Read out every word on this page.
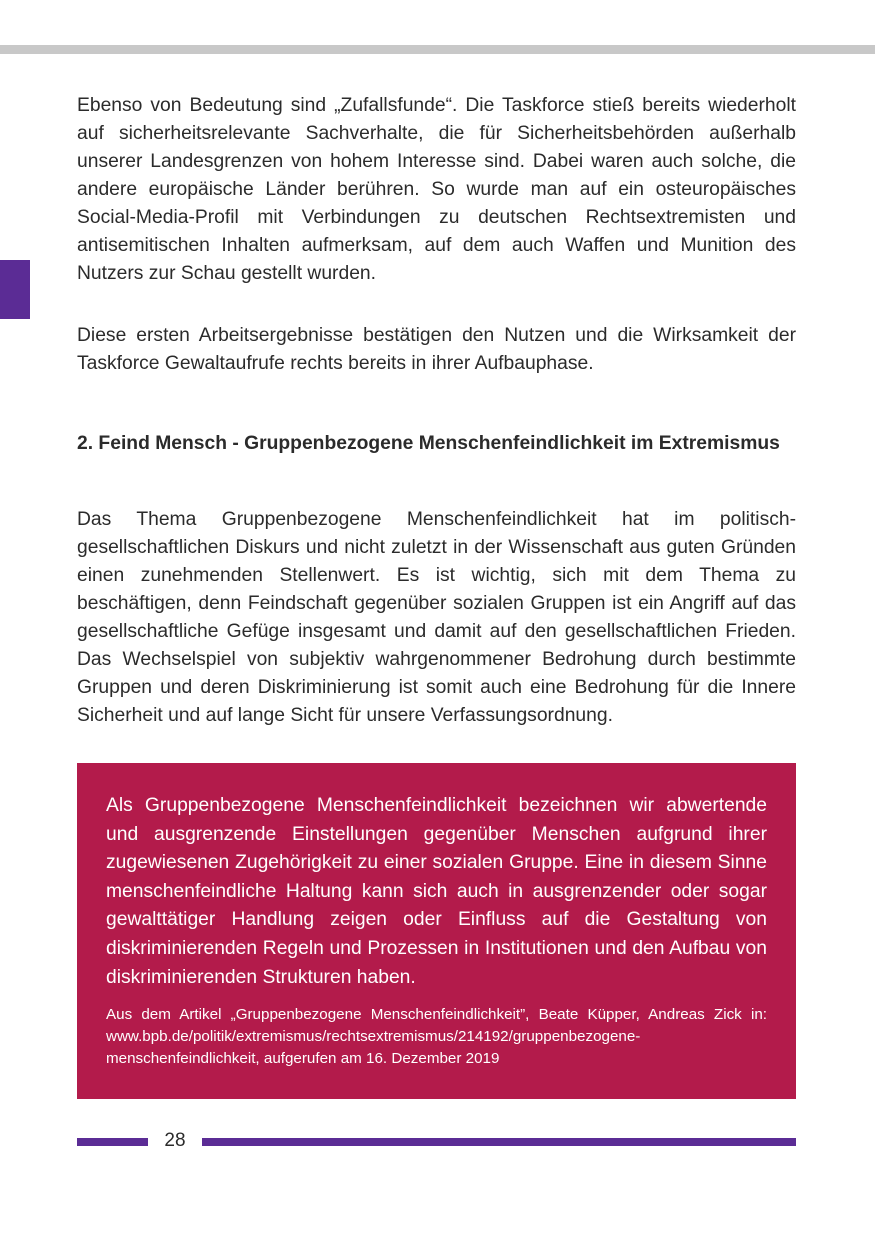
Ebenso von Bedeutung sind „Zufallsfunde“. Die Taskforce stieß bereits wiederholt auf sicherheitsrelevante Sachverhalte, die für Sicherheitsbehörden außerhalb unserer Landesgrenzen von hohem Interesse sind. Dabei waren auch solche, die andere europäische Länder berühren. So wurde man auf ein osteuropäisches Social-Media-Profil mit Verbindungen zu deutschen Rechtsextremisten und antisemitischen Inhalten aufmerksam, auf dem auch Waffen und Munition des Nutzers zur Schau gestellt wurden.

Diese ersten Arbeitsergebnisse bestätigen den Nutzen und die Wirksamkeit der Taskforce Gewaltaufrufe rechts bereits in ihrer Aufbauphase.

2. Feind Mensch - Gruppenbezogene Menschenfeindlichkeit im Extremismus

Das Thema Gruppenbezogene Menschenfeindlichkeit hat im politisch-gesellschaftlichen Diskurs und nicht zuletzt in der Wissenschaft aus guten Gründen einen zunehmenden Stellenwert. Es ist wichtig, sich mit dem Thema zu beschäftigen, denn Feindschaft gegenüber sozialen Gruppen ist ein Angriff auf das gesellschaftliche Gefüge insgesamt und damit auf den gesellschaftlichen Frieden. Das Wechselspiel von subjektiv wahrgenommener Bedrohung durch bestimmte Gruppen und deren Diskriminierung ist somit auch eine Bedrohung für die Innere Sicherheit und auf lange Sicht für unsere Verfassungsordnung.

Als Gruppenbezogene Menschenfeindlichkeit bezeichnen wir abwertende und ausgrenzende Einstellungen gegenüber Menschen aufgrund ihrer zugewiesenen Zugehörigkeit zu einer sozialen Gruppe. Eine in diesem Sinne menschenfeindliche Haltung kann sich auch in ausgrenzender oder sogar gewalttätiger Handlung zeigen oder Einfluss auf die Gestaltung von diskriminierenden Regeln und Prozessen in Institutionen und den Aufbau von diskriminierenden Strukturen haben.

Aus dem Artikel „Gruppenbezogene Menschenfeindlichkeit”, Beate Küpper, Andreas Zick in: www.bpb.de/politik/extremismus/rechtsextremismus/214192/gruppenbezogene-menschenfeindlichkeit, aufgerufen am 16. Dezember 2019

28
